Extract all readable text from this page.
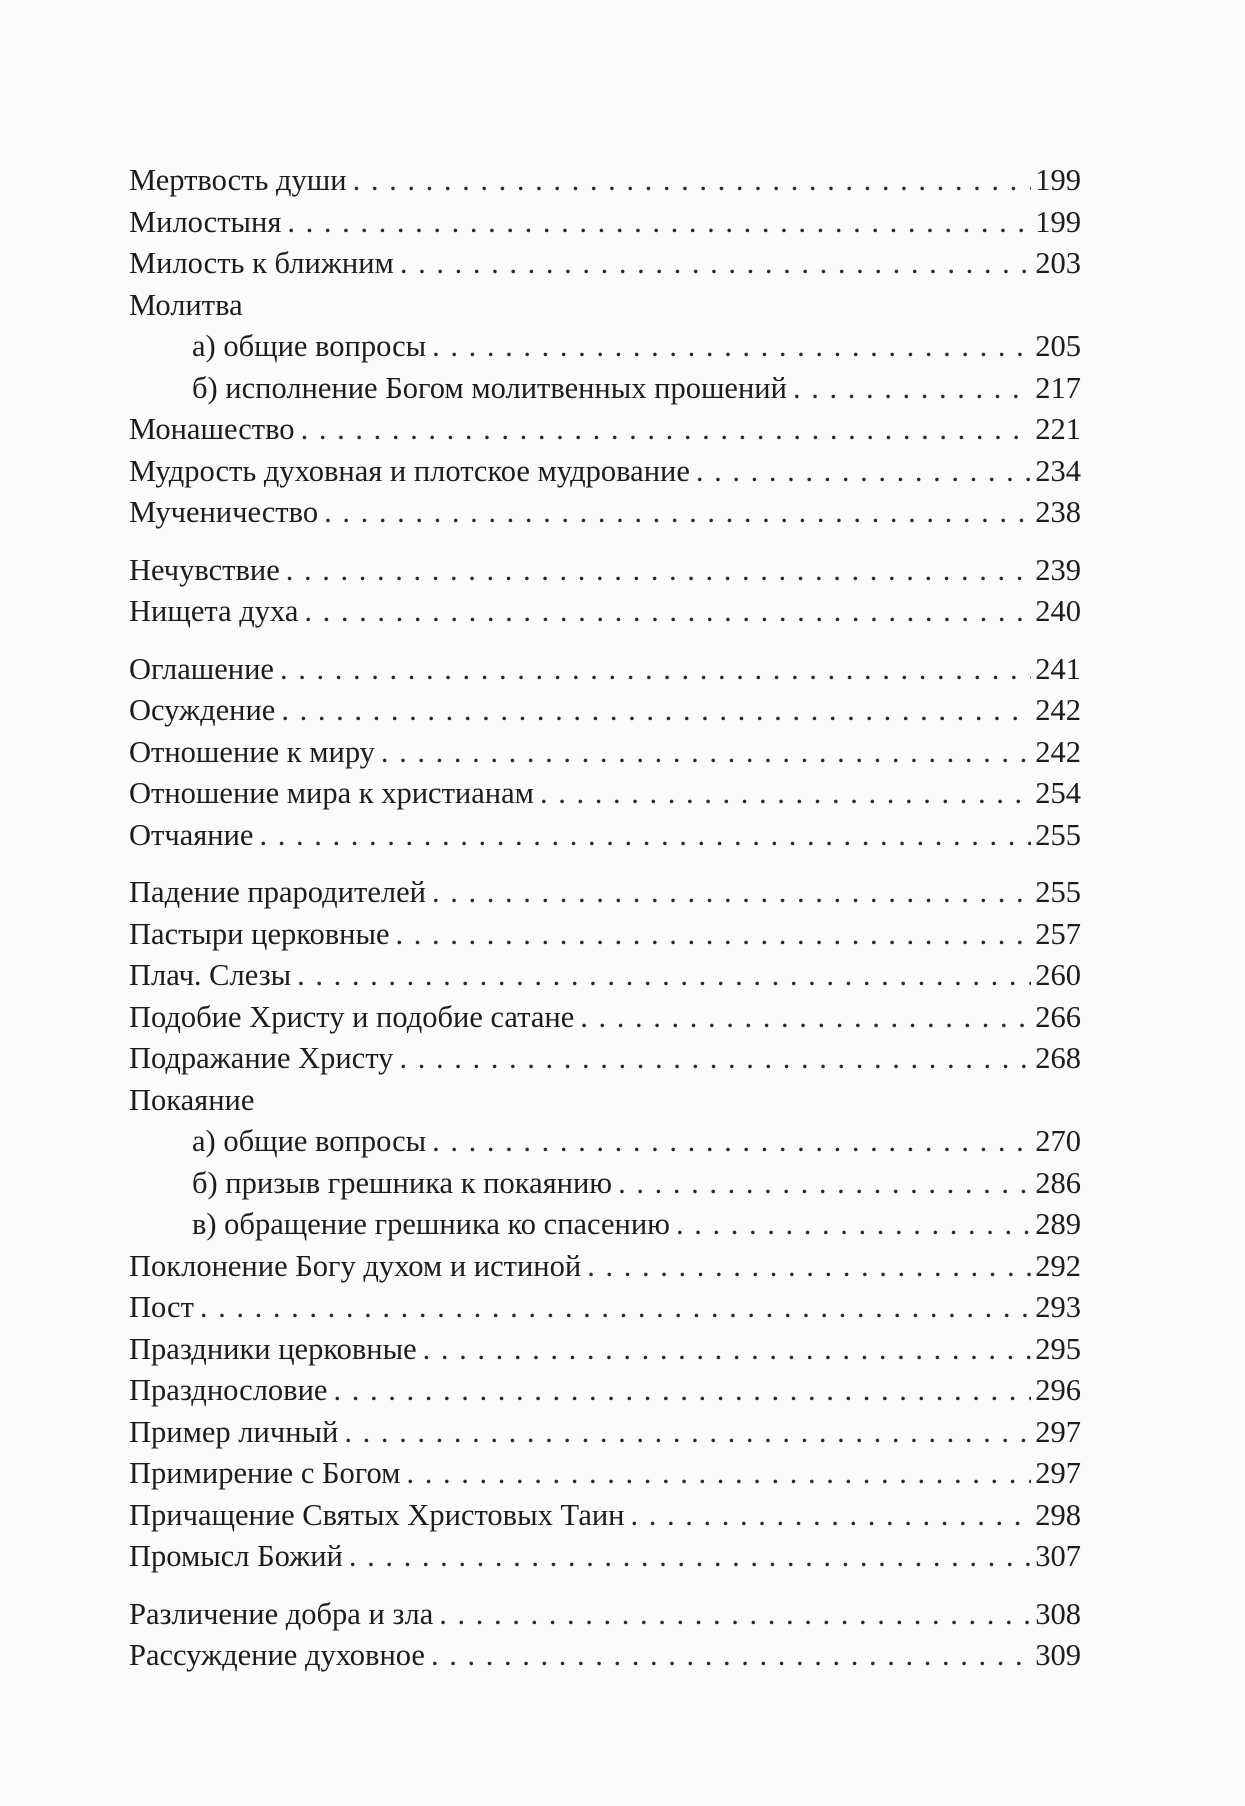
Мертвость души . . .	199
Милостыня . . .	199
Милость к ближним . . .	203
Молитва
а) общие вопросы . . .	205
б) исполнение Богом молитвенных прошений . . .	217
Монашество . . .	221
Мудрость духовная и плотское мудрование . . .	234
Мученичество . . .	238
Нечувствие . . .	239
Нищета духа . . .	240
Оглашение . . .	241
Осуждение . . .	242
Отношение к миру . . .	242
Отношение мира к христианам . . .	254
Отчаяние . . .	255
Падение прародителей . . .	255
Пастыри церковные . . .	257
Плач. Слезы . . .	260
Подобие Христу и подобие сатане . . .	266
Подражание Христу . . .	268
Покаяние
а) общие вопросы . . .	270
б) призыв грешника к покаянию . . .	286
в) обращение грешника ко спасению . . .	289
Поклонение Богу духом и истиной . . .	292
Пост . . .	293
Праздники церковные . . .	295
Празднословие . . .	296
Пример личный . . .	297
Примирение с Богом . . .	297
Причащение Святых Христовых Таин . . .	298
Промысл Божий . . .	307
Различение добра и зла . . .	308
Рассуждение духовное . . .	309
